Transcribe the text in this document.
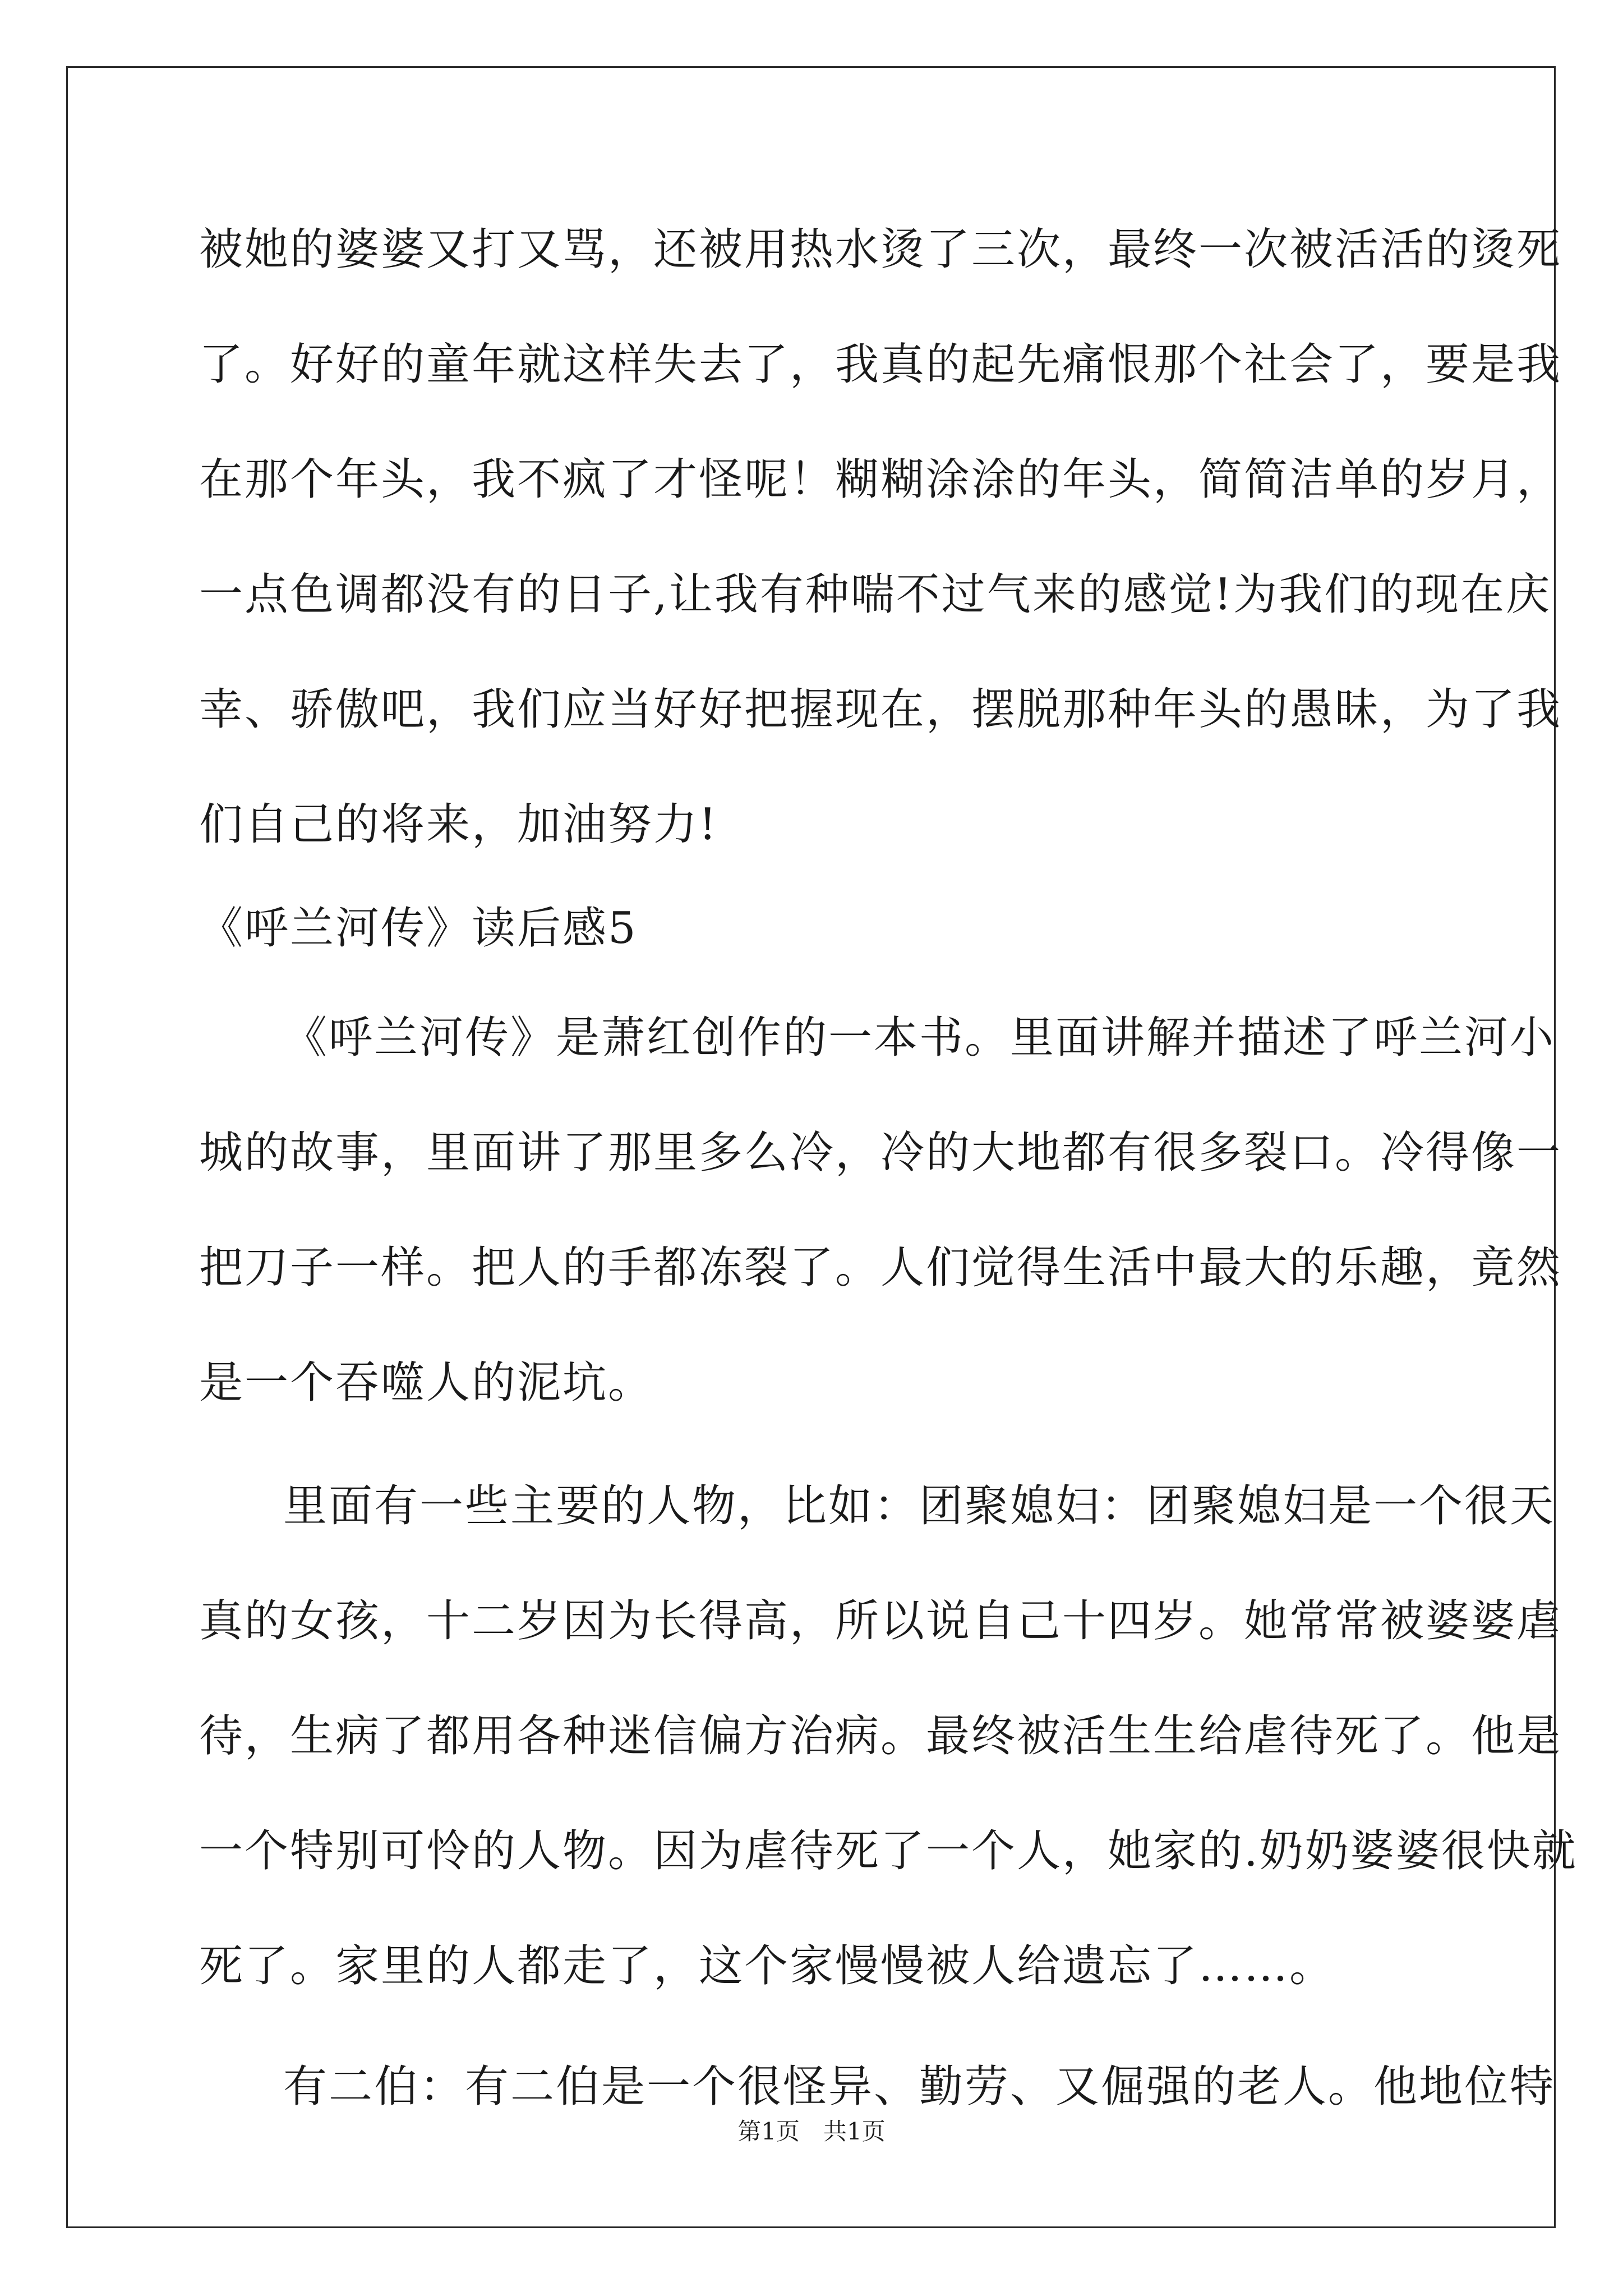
被她的婆婆又打又骂，还被用热水烫了三次，最终一次被活活的烫死
了。好好的童年就这样失去了，我真的起先痛恨那个社会了，要是我
在那个年头，我不疯了才怪呢！糊糊涂涂的年头，简简洁单的岁月，
一点色调都没有的日子,让我有种喘不过气来的感觉!为我们的现在庆
幸、骄傲吧，我们应当好好把握现在，摆脱那种年头的愚昧，为了我
们自己的将来，加油努力!
《呼兰河传》读后感5
《呼兰河传》是萧红创作的一本书。里面讲解并描述了呼兰河小
城的故事，里面讲了那里多么冷，冷的大地都有很多裂口。冷得像一
把刀子一样。把人的手都冻裂了。人们觉得生活中最大的乐趣，竟然
是一个吞噬人的泥坑。
里面有一些主要的人物，比如：团聚媳妇：团聚媳妇是一个很天
真的女孩，十二岁因为长得高，所以说自己十四岁。她常常被婆婆虐
待，生病了都用各种迷信偏方治病。最终被活生生给虐待死了。他是
一个特别可怜的人物。因为虐待死了一个人，她家的.奶奶婆婆很快就
死了。家里的人都走了，这个家慢慢被人给遗忘了……。
有二伯：有二伯是一个很怪异、勤劳、又倔强的老人。他地位特
第1页　共1页
